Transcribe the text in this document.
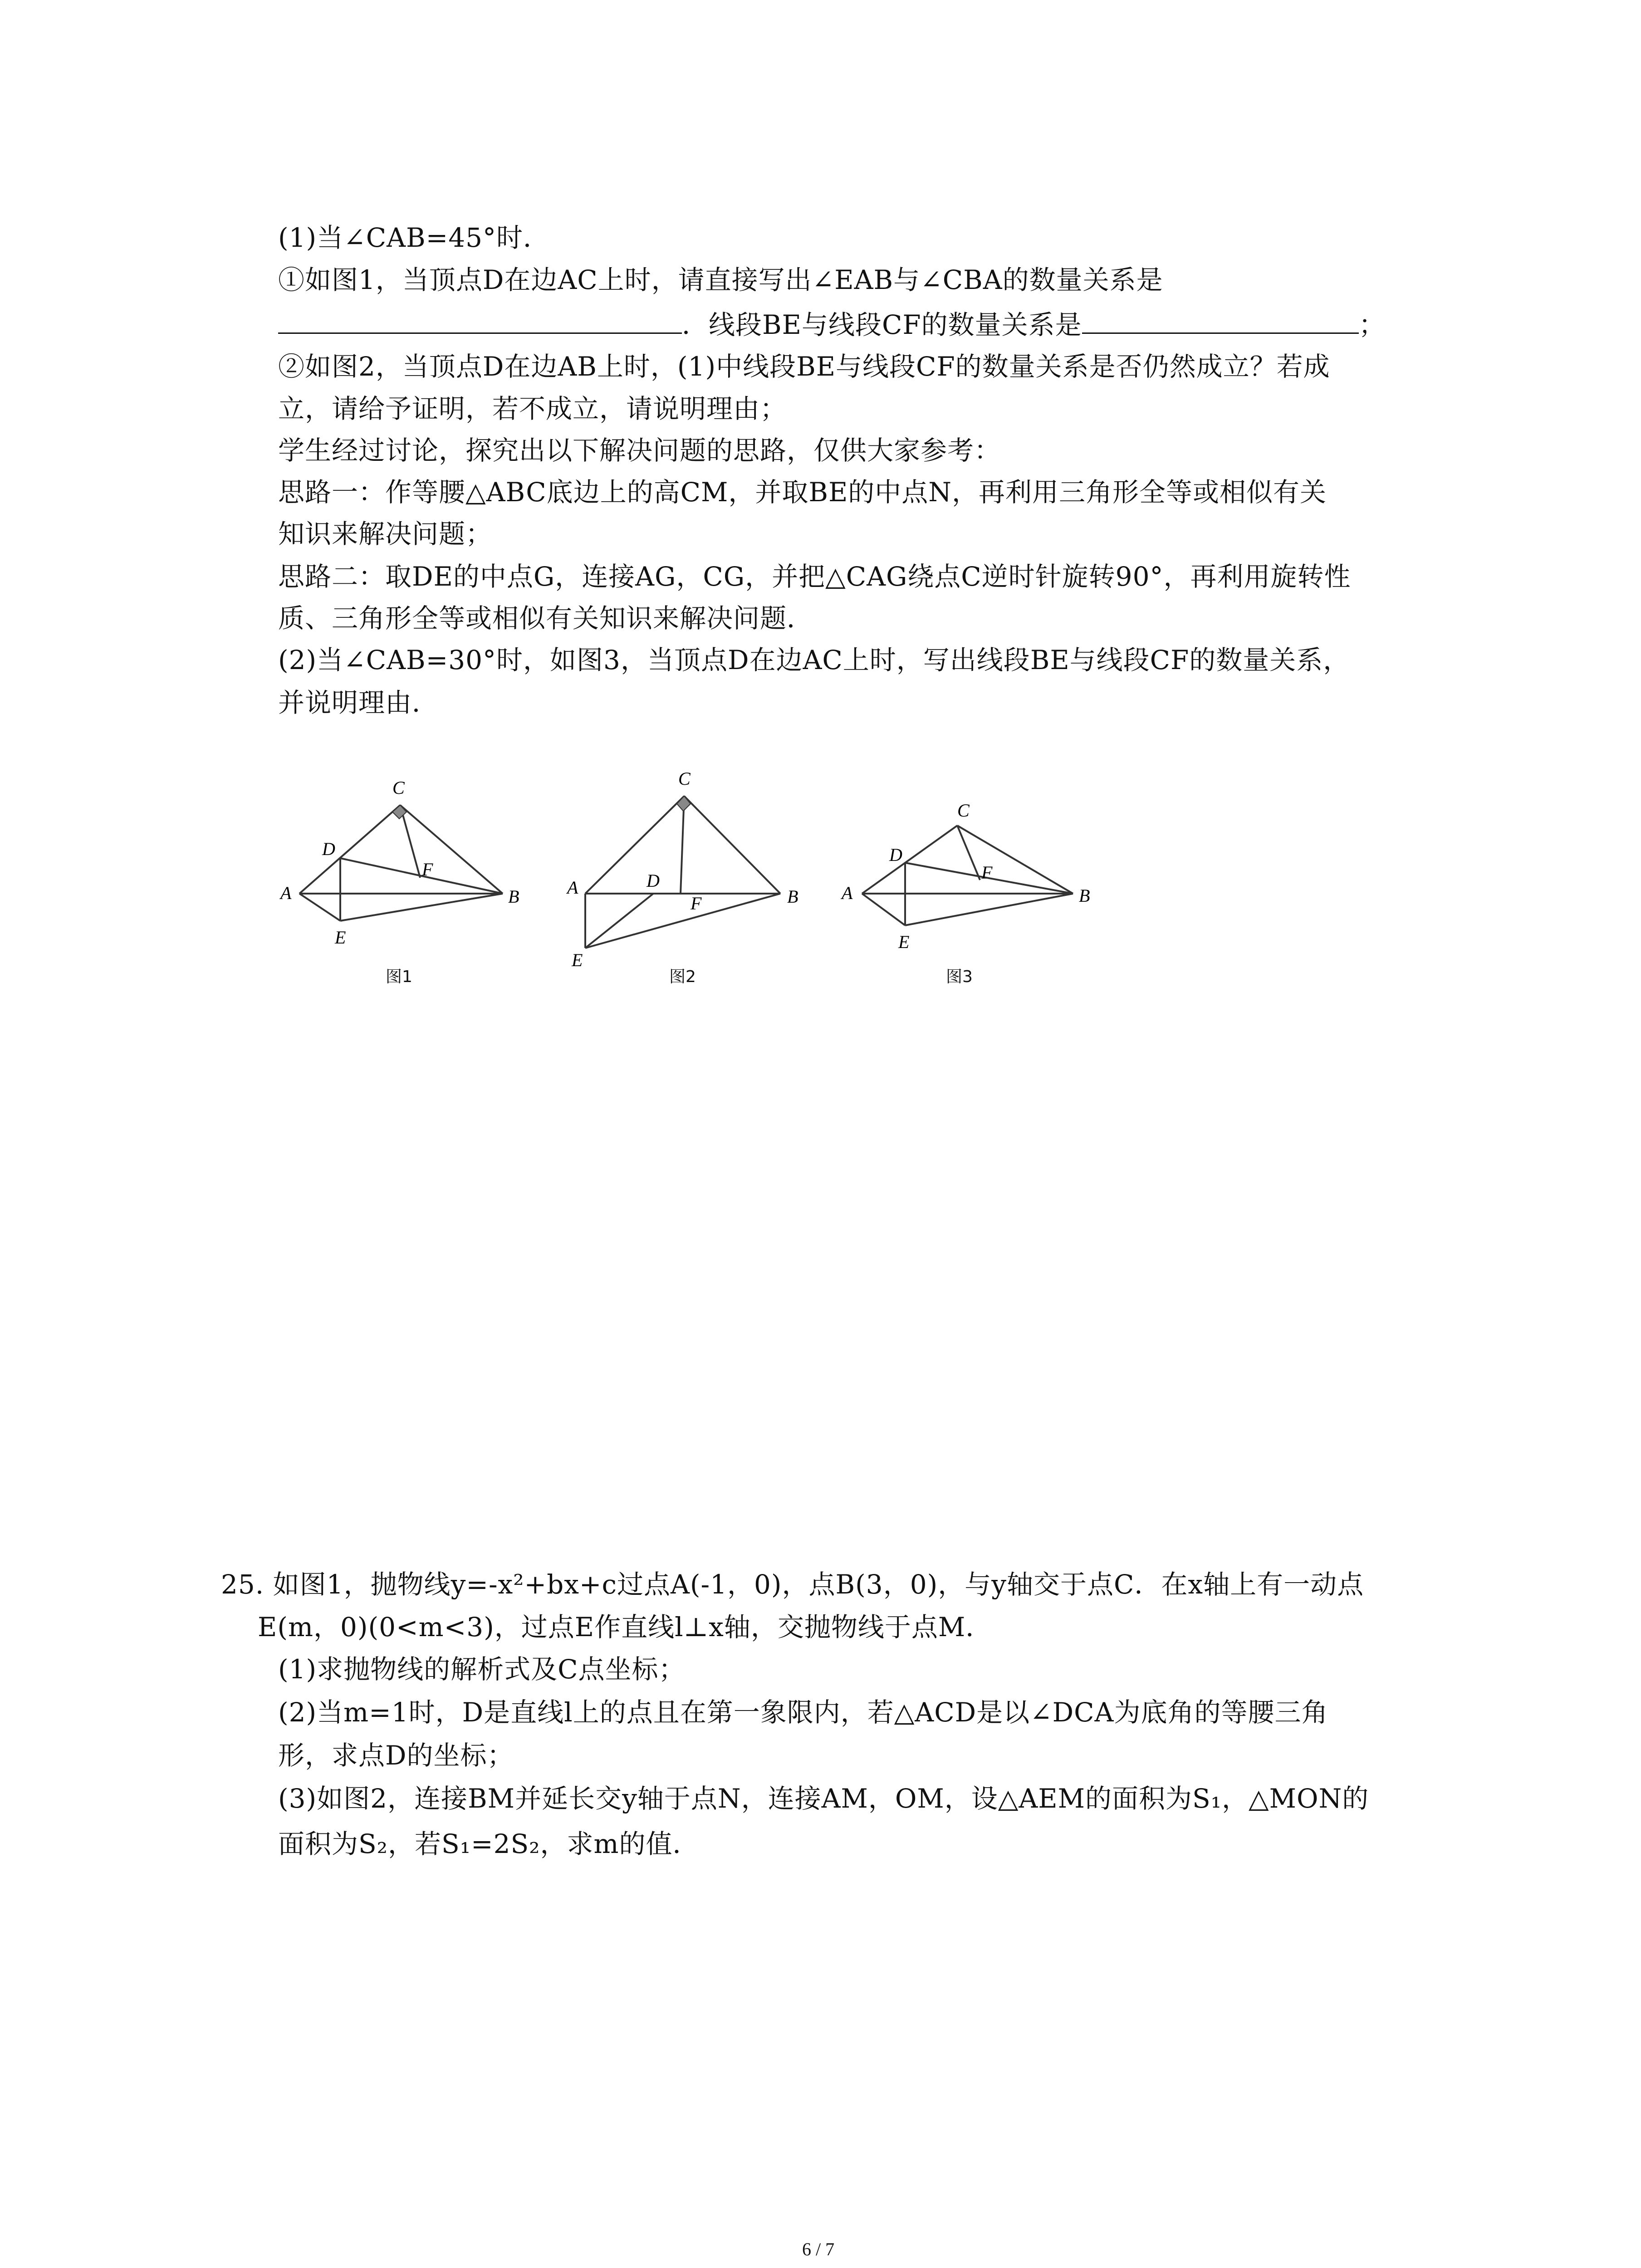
(1)当∠CAB=45°时．
①如图1，当顶点D在边AC上时，请直接写出∠EAB与∠CBA的数量关系是
．线段BE与线段CF的数量关系是	；
②如图2，当顶点D在边AB上时，(1)中线段BE与线段CF的数量关系是否仍然成立？若成
立，请给予证明，若不成立，请说明理由；
学生经过讨论，探究出以下解决问题的思路，仅供大家参考：
思路一：作等腰△ABC底边上的高CM，并取BE的中点N，再利用三角形全等或相似有关
知识来解决问题；
思路二：取DE的中点G，连接AG，CG，并把△CAG绕点C逆时针旋转90°，再利用旋转性
质、三角形全等或相似有关知识来解决问题．
(2)当∠CAB=30°时，如图3，当顶点D在边AC上时，写出线段BE与线段CF的数量关系，
并说明理由．
C
D
F
A	B
E
图1
C
D
F
A	B
E
图2
C
D
F
A	B
E
图3
25. 如图1，抛物线y=-x²+bx+c过点A(-1，0)，点B(3，0)，与y轴交于点C．在x轴上有一动点
E(m，0)(0<m<3)，过点E作直线l⊥x轴，交抛物线于点M．
(1)求抛物线的解析式及C点坐标；
(2)当m=1时，D是直线l上的点且在第一象限内，若△ACD是以∠DCA为底角的等腰三角
形，求点D的坐标；
(3)如图2，连接BM并延长交y轴于点N，连接AM，OM，设△AEM的面积为S₁，△MON的
面积为S₂，若S₁=2S₂，求m的值．
6 / 7
